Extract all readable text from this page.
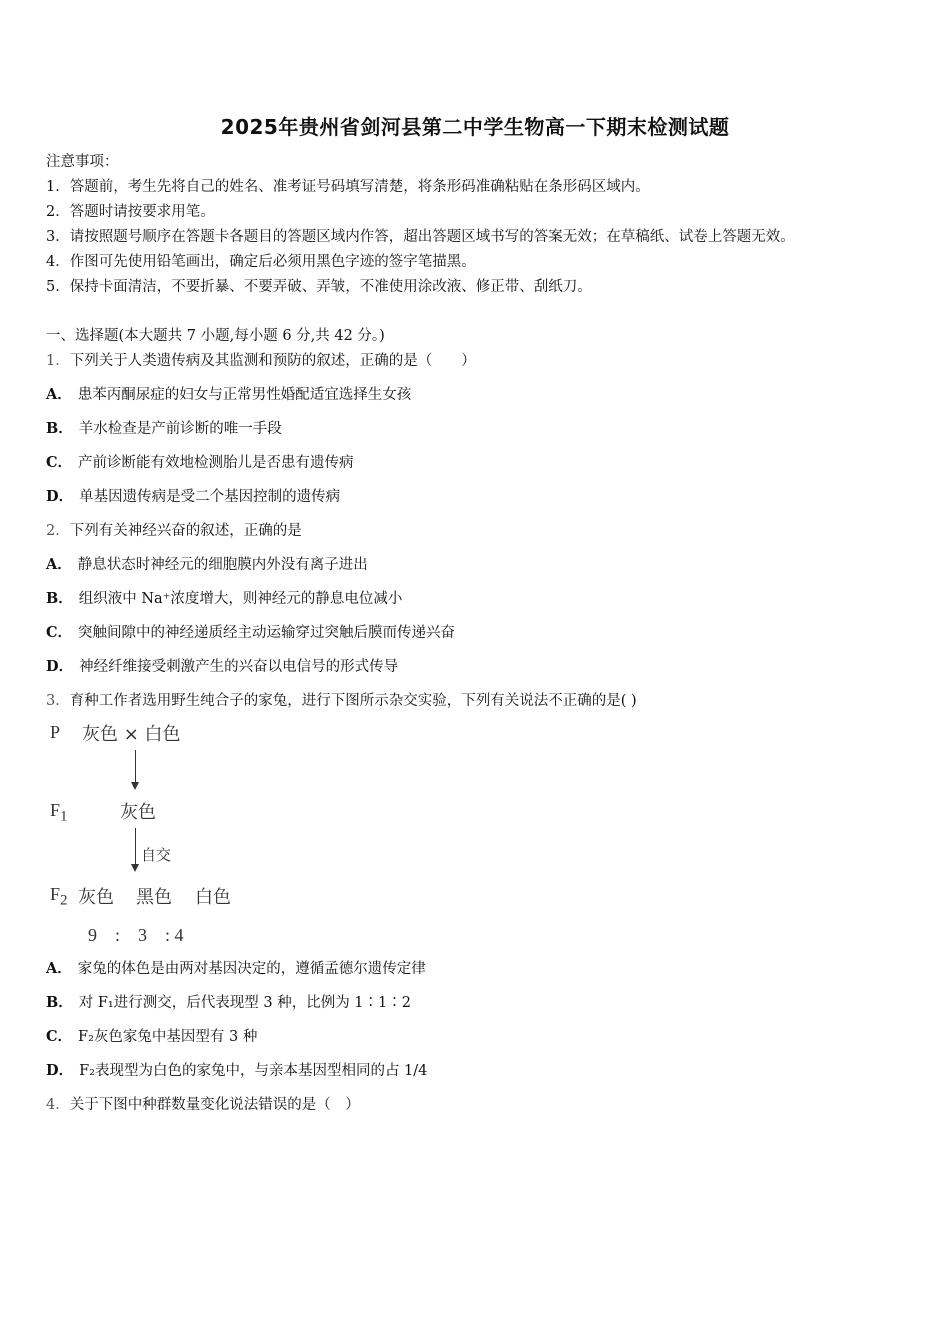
2025年贵州省剑河县第二中学生物高一下期末检测试题
注意事项：
1．答题前，考生先将自己的姓名、准考证号码填写清楚，将条形码准确粘贴在条形码区域内。
2．答题时请按要求用笔。
3．请按照题号顺序在答题卡各题目的答题区域内作答，超出答题区域书写的答案无效；在草稿纸、试卷上答题无效。
4．作图可先使用铅笔画出，确定后必须用黑色字迹的签字笔描黑。
5．保持卡面清洁，不要折暴、不要弄破、弄皱，不准使用涂改液、修正带、刮纸刀。
一、选择题(本大题共 7 小题,每小题 6 分,共 42 分。)
1．下列关于人类遗传病及其监测和预防的叙述，正确的是（　　）
A． 患苯丙酮尿症的妇女与正常男性婚配适宜选择生女孩
B． 羊水检查是产前诊断的唯一手段
C． 产前诊断能有效地检测胎儿是否患有遗传病
D． 单基因遗传病是受二个基因控制的遗传病
2．下列有关神经兴奋的叙述，正确的是
A． 静息状态时神经元的细胞膜内外没有离子进出
B． 组织液中 Na⁺浓度增大，则神经元的静息电位减小
C． 突触间隙中的神经递质经主动运输穿过突触后膜而传递兴奋
D． 神经纤维接受刺激产生的兴奋以电信号的形式传导
3．育种工作者选用野生纯合子的家兔，进行下图所示杂交实验，下列有关说法不正确的是( )
P 灰色 × 白色
$F_1$	灰色
自交
$F_2$ 灰色 黑色 白色
9　:　3　: 4
A． 家兔的体色是由两对基因决定的，遵循孟德尔遗传定律
B． 对 F₁进行测交，后代表现型 3 种，比例为 1∶1∶2
C． F₂灰色家兔中基因型有 3 种
D． F₂表现型为白色的家兔中，与亲本基因型相同的占 1/4
4．关于下图中种群数量变化说法错误的是（　）
